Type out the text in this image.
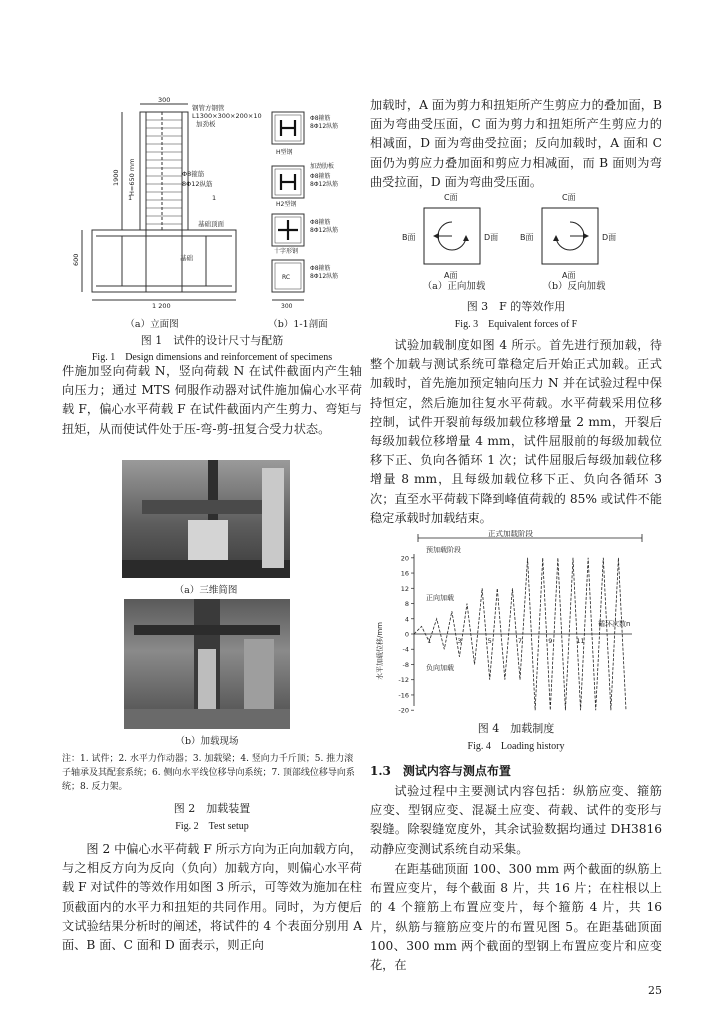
300
钢管方钢管
L1300×300×200×10
加劲板
Φ8箍筋
8Φ12纵筋
1	1
基础顶面
基础
1 200
1900 H=650 mm
600
Φ8箍筋
8Φ12纵筋
H型钢
加劲肋板
Φ8箍筋
8Φ12纵筋
H2型钢
Φ8箍筋
8Φ12纵筋
十字形钢
Φ8箍筋
8Φ12纵筋
RC
300
（a）立面图	（b）1-1剖面
图 1　试件的设计尺寸与配筋
Fig. 1　Design dimensions and reinforcement of specimens

件施加竖向荷载 N，竖向荷载 N 在试件截面内产生轴向压力；通过 MTS 伺服作动器对试件施加偏心水平荷载 F，偏心水平荷载 F 在试件截面内产生剪力、弯矩与扭矩，从而使试件处于压-弯-剪-扭复合受力状态。

（a）三维简图
（b）加载现场
注：1. 试件；2. 水平力作动器；3. 加载梁；4. 竖向力千斤顶；5. 推力滚子轴承及其配套系统；6. 侧向水平线位移导向系统；7. 顶部线位移导向系统；8. 反力架。
图 2　加载装置
Fig. 2　Test setup

图 2 中偏心水平荷载 F 所示方向为正向加载方向，与之相反方向为反向（负向）加载方向，则偏心水平荷载 F 对试件的等效作用如图 3 所示，可等效为施加在柱顶截面内的水平力和扭矩的共同作用。同时，为方便后文试验结果分析时的阐述，将试件的 4 个表面分别用 A 面、B 面、C 面和 D 面表示，则正向

加载时，A 面为剪力和扭矩所产生剪应力的叠加面，B 面为弯曲受压面，C 面为剪力和扭矩所产生剪应力的相减面，D 面为弯曲受拉面；反向加载时，A 面和 C 面仍为剪应力叠加面和剪应力相减面，而 B 面则为弯曲受拉面，D 面为弯曲受压面。

C面
A面
B面	D面
C面
A面
B面	D面
（a）正向加载	（b）反向加载
图 3　F 的等效作用
Fig. 3　Equivalent forces of F

试验加载制度如图 4 所示。首先进行预加载，待整个加载与测试系统可靠稳定后开始正式加载。正式加载时，首先施加预定轴向压力 N 并在试验过程中保持恒定，然后施加往复水平荷载。水平荷载采用位移控制，试件开裂前每级加载位移增量 2 mm，开裂后每级加载位移增量 4 mm，试件屈服前的每级加载位移下正、负向各循环 1 次；试件屈服后每级加载位移增量 8 mm，且每级加载位移下正、负向各循环 3 次；直至水平荷载下降到峰值荷载的 85% 或试件不能稳定承载时加载结束。

正式加载阶段
预加载阶段
正向加载
负向加载
循环次数n
水平加载位移/mm
-20
-16
-12
-8
-4
0
4
8
12
16
20
1	3	5	7	9	11
图 4　加载制度
Fig. 4　Loading history
1.3　测试内容与测点布置

试验过程中主要测试内容包括：纵筋应变、箍筋应变、型钢应变、混凝土应变、荷载、试件的变形与裂缝。除裂缝宽度外，其余试验数据均通过 DH3816 动静应变测试系统自动采集。

在距基础顶面 100、300 mm 两个截面的纵筋上布置应变片，每个截面 8 片，共 16 片；在柱根以上的 4 个箍筋上布置应变片，每个箍筋 4 片，共 16 片，纵筋与箍筋应变片的布置见图 5。在距基础顶面 100、300 mm 两个截面的型钢上布置应变片和应变花，在

25
